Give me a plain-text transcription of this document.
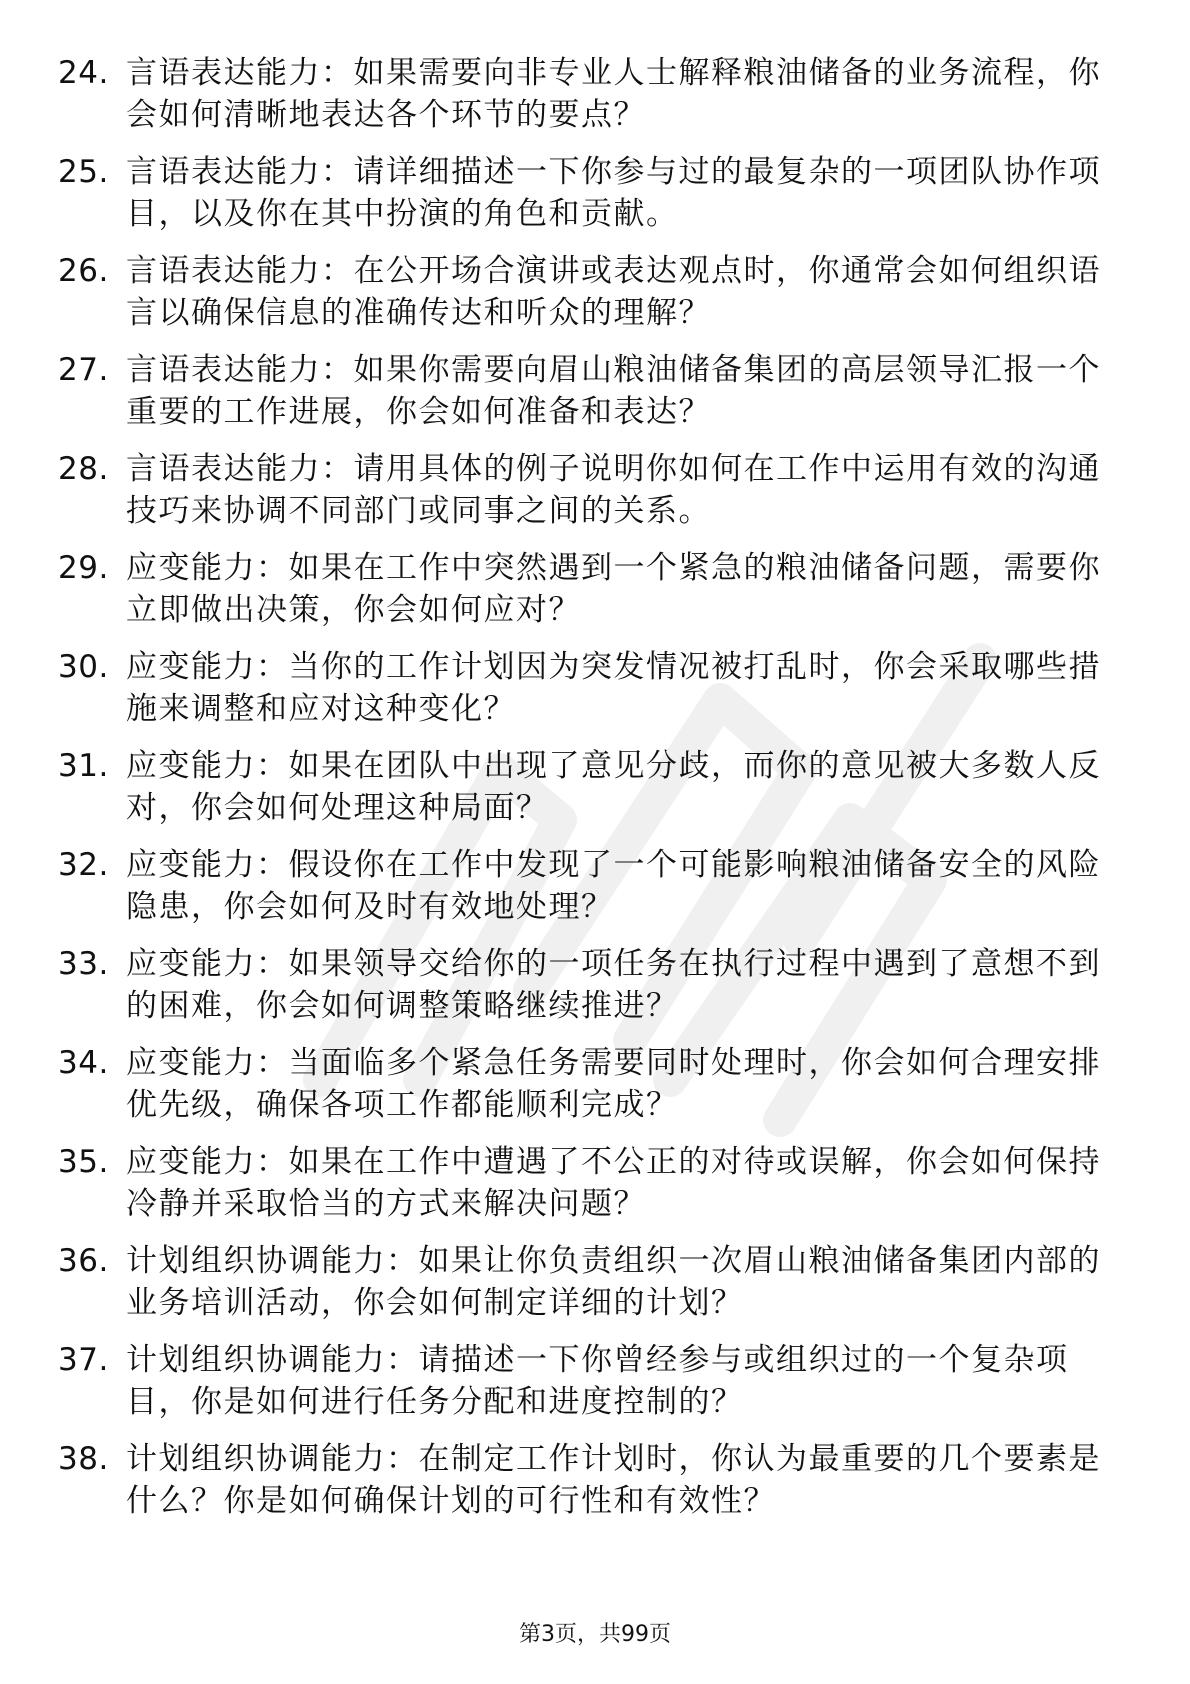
24. 言语表达能力：如果需要向非专业人士解释粮油储备的业务流程，你会如何清晰地表达各个环节的要点？
25. 言语表达能力：请详细描述一下你参与过的最复杂的一项团队协作项目，以及你在其中扮演的角色和贡献。
26. 言语表达能力：在公开场合演讲或表达观点时，你通常会如何组织语言以确保信息的准确传达和听众的理解？
27. 言语表达能力：如果你需要向眉山粮油储备集团的高层领导汇报一个重要的工作进展，你会如何准备和表达？
28. 言语表达能力：请用具体的例子说明你如何在工作中运用有效的沟通技巧来协调不同部门或同事之间的关系。
29. 应变能力：如果在工作中突然遇到一个紧急的粮油储备问题，需要你立即做出决策，你会如何应对？
30. 应变能力：当你的工作计划因为突发情况被打乱时，你会采取哪些措施来调整和应对这种变化？
31. 应变能力：如果在团队中出现了意见分歧，而你的意见被大多数人反对，你会如何处理这种局面？
32. 应变能力：假设你在工作中发现了一个可能影响粮油储备安全的风险隐患，你会如何及时有效地处理？
33. 应变能力：如果领导交给你的一项任务在执行过程中遇到了意想不到的困难，你会如何调整策略继续推进？
34. 应变能力：当面临多个紧急任务需要同时处理时，你会如何合理安排优先级，确保各项工作都能顺利完成？
35. 应变能力：如果在工作中遭遇了不公正的对待或误解，你会如何保持冷静并采取恰当的方式来解决问题？
36. 计划组织协调能力：如果让你负责组织一次眉山粮油储备集团内部的业务培训活动，你会如何制定详细的计划？
37. 计划组织协调能力：请描述一下你曾经参与或组织过的一个复杂项目，你是如何进行任务分配和进度控制的？
38. 计划组织协调能力：在制定工作计划时，你认为最重要的几个要素是什么？你是如何确保计划的可行性和有效性？
第3页，共99页
